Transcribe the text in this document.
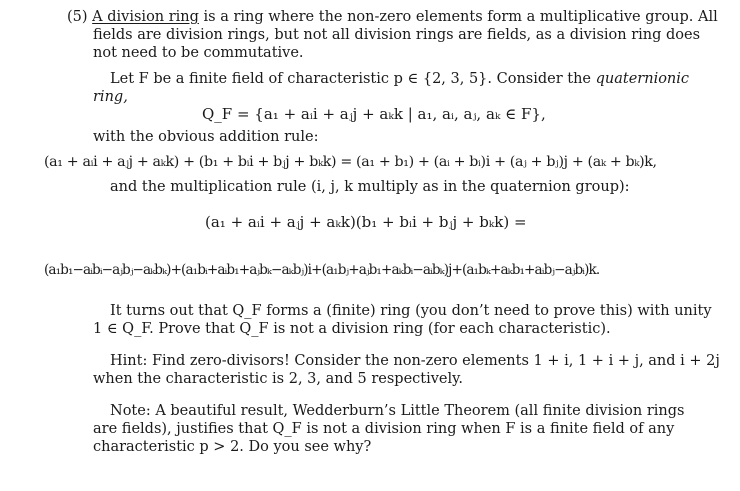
(5) A division ring is a ring where the non-zero elements form a multiplicative group. All
fields are division rings, but not all division rings are fields, as a division ring does
not need to be commutative.
Let F be a finite field of characteristic p ∈ {2, 3, 5}. Consider the quaternionic
ring,
Q_F = {a₁ + aᵢi + aⱼj + aₖk | a₁, aᵢ, aⱼ, aₖ ∈ F},
with the obvious addition rule:
(a₁ + aᵢi + aⱼj + aₖk) + (b₁ + bᵢi + bⱼj + bₖk) = (a₁ + b₁) + (aᵢ + bᵢ)i + (aⱼ + bⱼ)j + (aₖ + bₖ)k,
and the multiplication rule (i, j, k multiply as in the quaternion group):
(a₁ + aᵢi + aⱼj + aₖk)(b₁ + bᵢi + bⱼj + bₖk) =
(a₁b₁−aᵢbᵢ−aⱼbⱼ−aₖbₖ)+(a₁bᵢ+aᵢb₁+aⱼbₖ−aₖbⱼ)i+(a₁bⱼ+aⱼb₁+aₖbᵢ−aᵢbₖ)j+(a₁bₖ+aₖb₁+aᵢbⱼ−aⱼbᵢ)k.
It turns out that Q_F forms a (finite) ring (you don’t need to prove this) with unity
1 ∈ Q_F. Prove that Q_F is not a division ring (for each characteristic).
Hint: Find zero-divisors! Consider the non-zero elements 1 + i, 1 + i + j, and i + 2j
when the characteristic is 2, 3, and 5 respectively.
Note: A beautiful result, Wedderburn’s Little Theorem (all finite division rings
are fields), justifies that Q_F is not a division ring when F is a finite field of any
characteristic p > 2. Do you see why?
